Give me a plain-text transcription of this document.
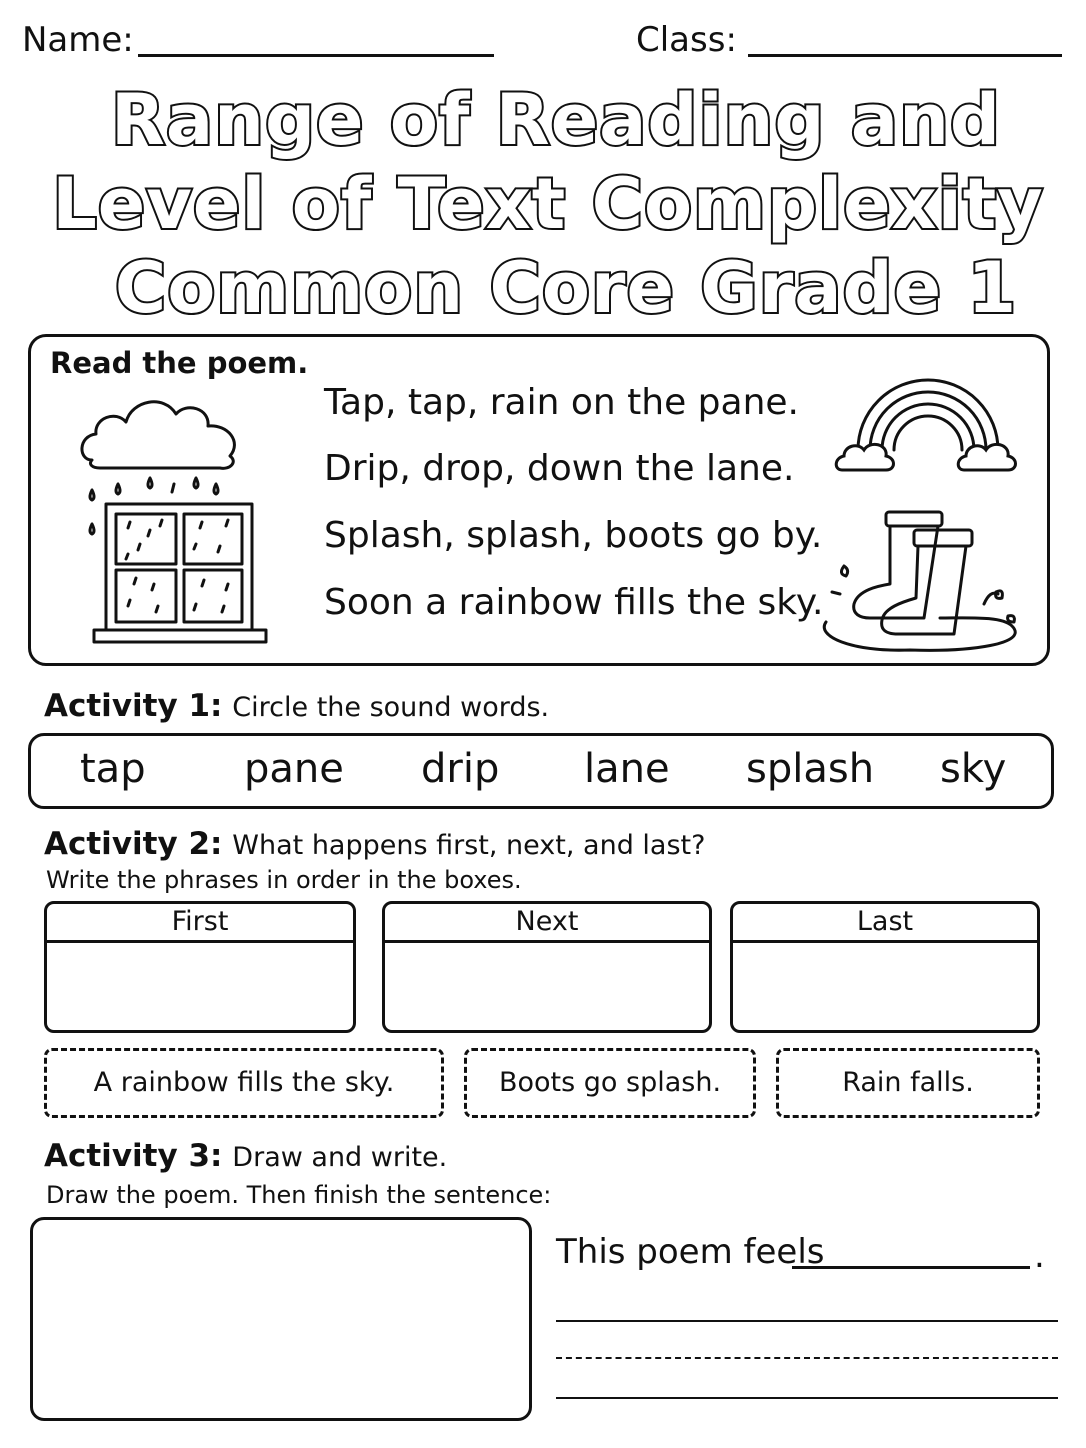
Name:	Class:
Range of Reading and
Level of Text Complexity
Common Core Grade 1
Read the poem.
Tap, tap, rain on the pane.
Drip, drop, down the lane.
Splash, splash, boots go by.
Soon a rainbow fills the sky.
Activity 1: Circle the sound words.
tap pane drip lane splash sky
Activity 2: What happens first, next, and last?
Write the phrases in order in the boxes.
First	Next	Last
A rainbow fills the sky.	Boots go splash.	Rain falls.
Activity 3: Draw and write.
Draw the poem. Then finish the sentence:
This poem feels	.
